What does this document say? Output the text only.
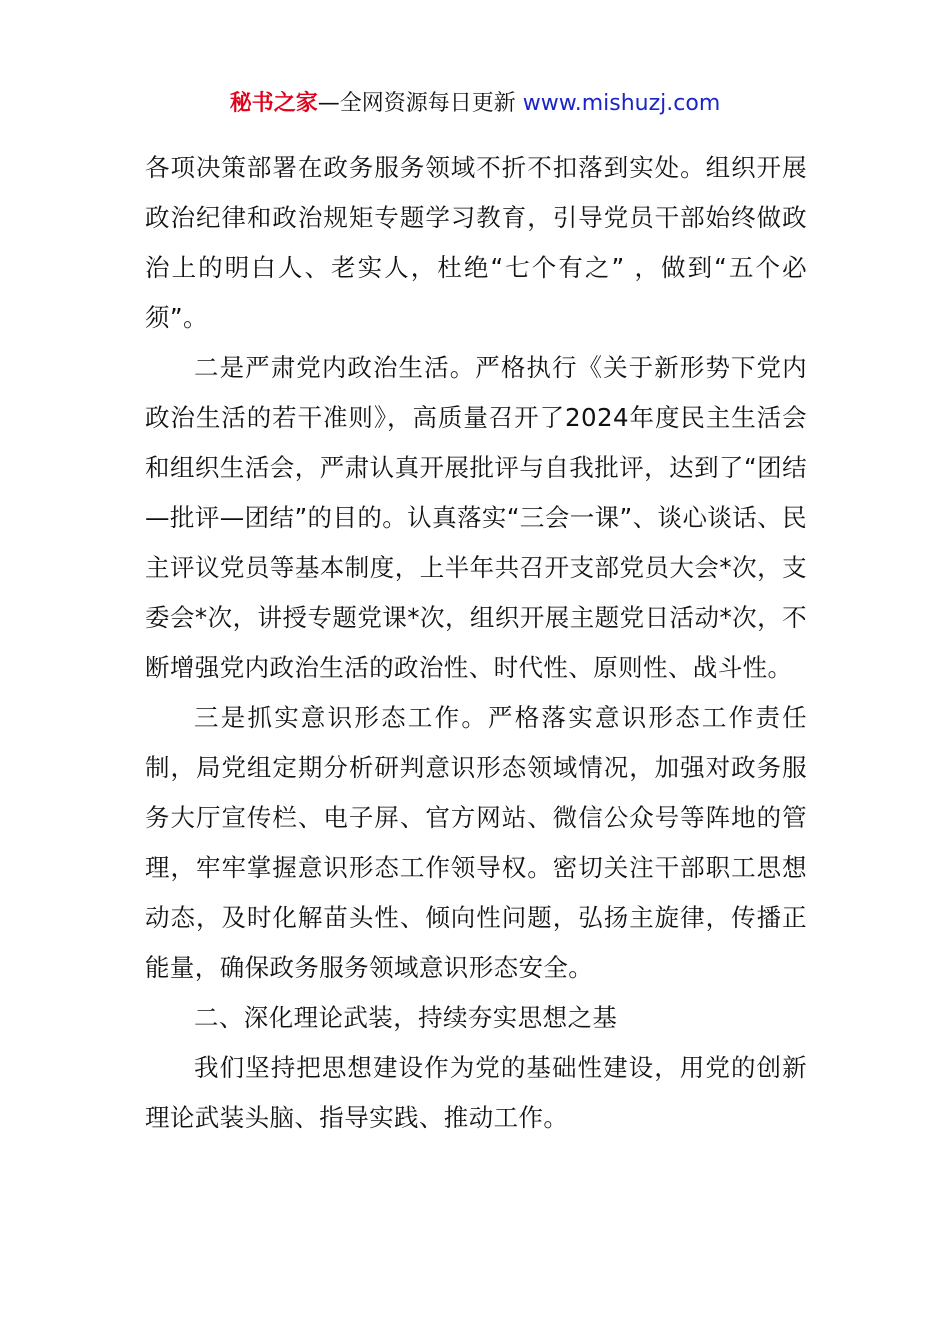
秘书之家—全网资源每日更新 www.mishuzj.com

各项决策部署在政务服务领域不折不扣落到实处。组织开展政治纪律和政治规矩专题学习教育，引导党员干部始终做政治上的明白人、老实人，杜绝“七个有之” ，做到“五个必须”。

二是严肃党内政治生活。严格执行《关于新形势下党内政治生活的若干准则》，高质量召开了2024年度民主生活会和组织生活会，严肃认真开展批评与自我批评，达到了“团结—批评—团结”的目的。认真落实“三会一课”、谈心谈话、民主评议党员等基本制度，上半年共召开支部党员大会*次，支委会*次，讲授专题党课*次，组织开展主题党日活动*次，不断增强党内政治生活的政治性、时代性、原则性、战斗性。

三是抓实意识形态工作。严格落实意识形态工作责任制，局党组定期分析研判意识形态领域情况，加强对政务服务大厅宣传栏、电子屏、官方网站、微信公众号等阵地的管理，牢牢掌握意识形态工作领导权。密切关注干部职工思想动态，及时化解苗头性、倾向性问题，弘扬主旋律，传播正能量，确保政务服务领域意识形态安全。

二、深化理论武装，持续夯实思想之基

我们坚持把思想建设作为党的基础性建设，用党的创新理论武装头脑、指导实践、推动工作。
